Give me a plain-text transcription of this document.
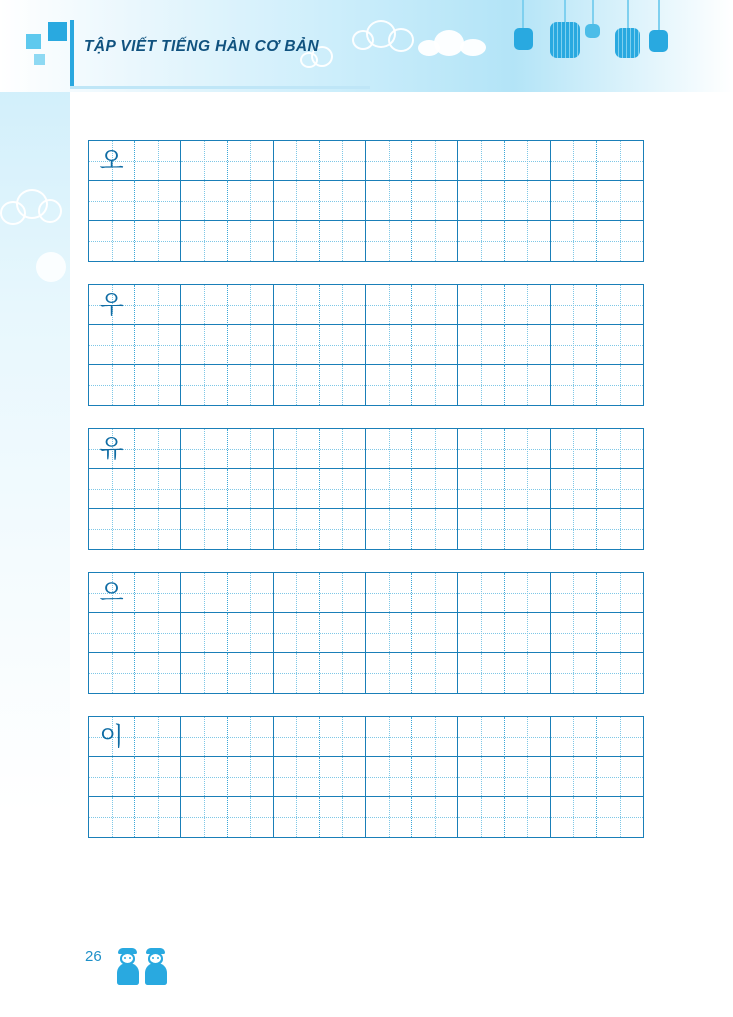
TẬP VIẾT TIẾNG HÀN CƠ BẢN
오
우
유
으
이
26
